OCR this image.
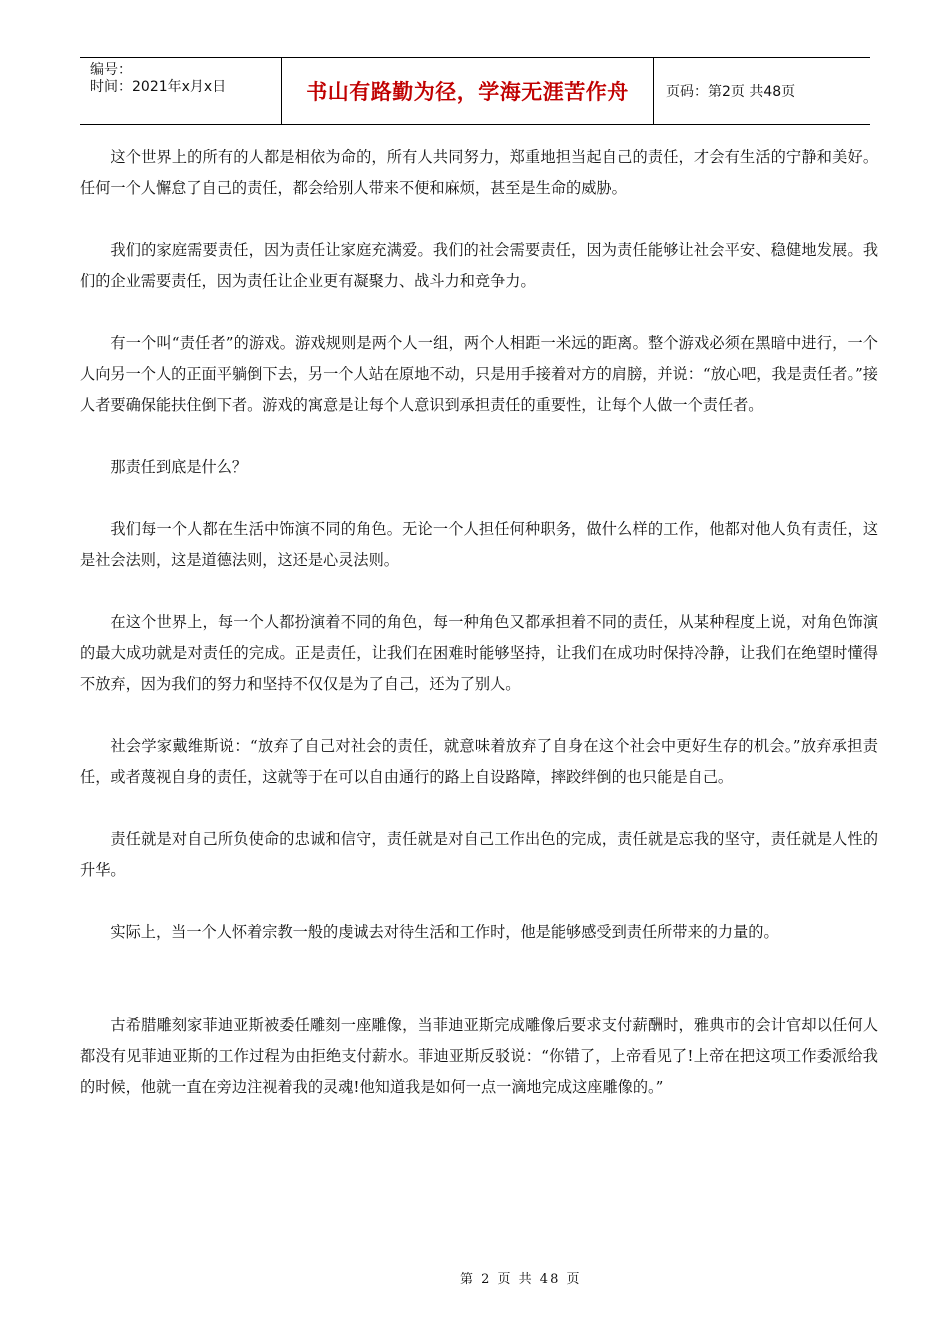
编号：
时间：2021年x月x日	书山有路勤为径，学海无涯苦作舟	页码：第2页 共48页

这个世界上的所有的人都是相依为命的，所有人共同努力，郑重地担当起自己的责任，才会有生活的宁静和美好。任何一个人懈怠了自己的责任，都会给别人带来不便和麻烦，甚至是生命的威胁。

我们的家庭需要责任，因为责任让家庭充满爱。我们的社会需要责任，因为责任能够让社会平安、稳健地发展。我们的企业需要责任，因为责任让企业更有凝聚力、战斗力和竞争力。

有一个叫“责任者”的游戏。游戏规则是两个人一组，两个人相距一米远的距离。整个游戏必须在黑暗中进行，一个人向另一个人的正面平躺倒下去，另一个人站在原地不动，只是用手接着对方的肩膀，并说：“放心吧，我是责任者。”接人者要确保能扶住倒下者。游戏的寓意是让每个人意识到承担责任的重要性，让每个人做一个责任者。

那责任到底是什么？

我们每一个人都在生活中饰演不同的角色。无论一个人担任何种职务，做什么样的工作，他都对他人负有责任，这是社会法则，这是道德法则，这还是心灵法则。

在这个世界上，每一个人都扮演着不同的角色，每一种角色又都承担着不同的责任，从某种程度上说，对角色饰演的最大成功就是对责任的完成。正是责任，让我们在困难时能够坚持，让我们在成功时保持冷静，让我们在绝望时懂得不放弃，因为我们的努力和坚持不仅仅是为了自己，还为了别人。

社会学家戴维斯说：“放弃了自己对社会的责任，就意味着放弃了自身在这个社会中更好生存的机会。”放弃承担责任，或者蔑视自身的责任，这就等于在可以自由通行的路上自设路障，摔跤绊倒的也只能是自己。

责任就是对自己所负使命的忠诚和信守，责任就是对自己工作出色的完成，责任就是忘我的坚守，责任就是人性的升华。

实际上，当一个人怀着宗教一般的虔诚去对待生活和工作时，他是能够感受到责任所带来的力量的。

古希腊雕刻家菲迪亚斯被委任雕刻一座雕像，当菲迪亚斯完成雕像后要求支付薪酬时，雅典市的会计官却以任何人都没有见菲迪亚斯的工作过程为由拒绝支付薪水。菲迪亚斯反驳说：“你错了，上帝看见了!上帝在把这项工作委派给我的时候，他就一直在旁边注视着我的灵魂!他知道我是如何一点一滴地完成这座雕像的。”

第 2 页 共 48 页
